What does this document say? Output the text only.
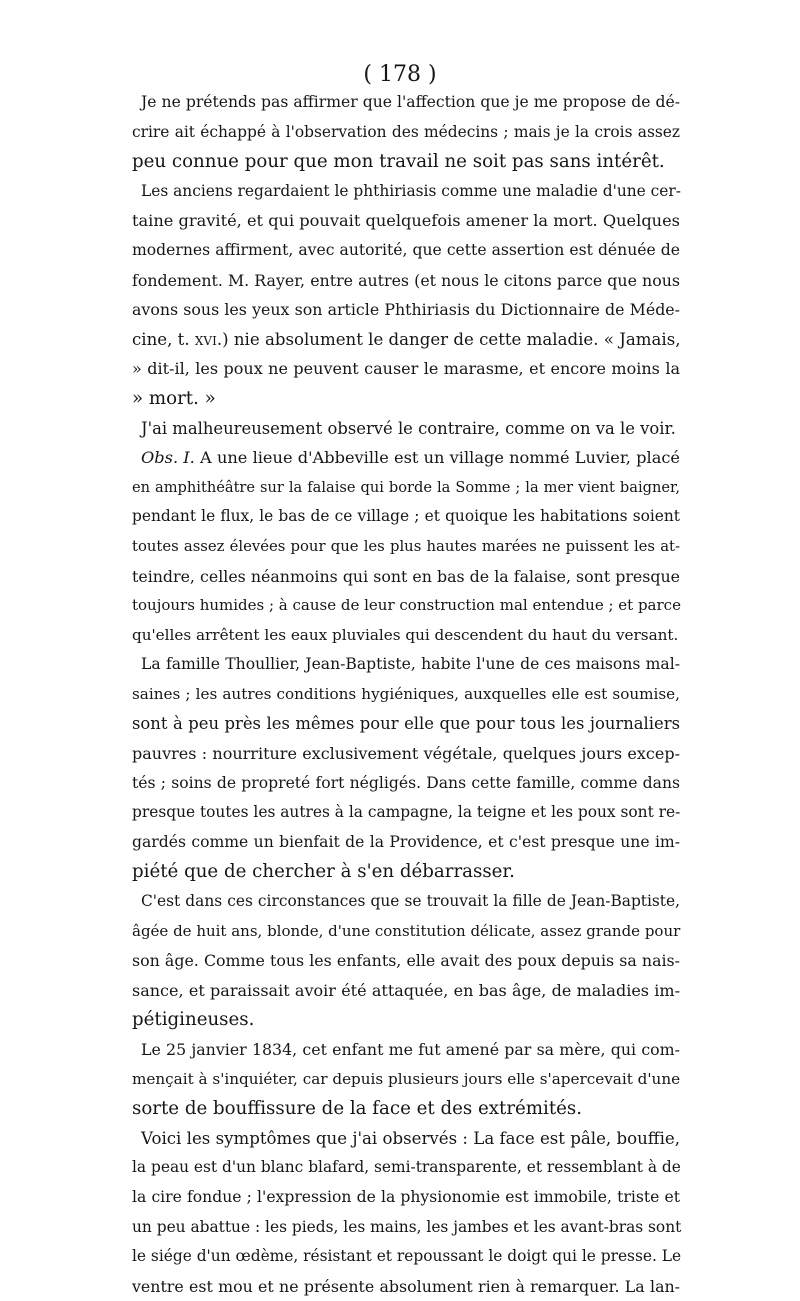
( 178 )
Je ne prétends pas affirmer que l'affection que je me propose de dé-
crire ait échappé à l'observation des médecins ; mais je la crois assez
peu connue pour que mon travail ne soit pas sans intérêt.
Les anciens regardaient le phthiriasis comme une maladie d'une cer-
taine gravité, et qui pouvait quelquefois amener la mort. Quelques
modernes affirment, avec autorité, que cette assertion est dénuée de
fondement. M. Rayer, entre autres (et nous le citons parce que nous
avons sous les yeux son article Phthiriasis du Dictionnaire de Méde-
cine, t. xvi.) nie absolument le danger de cette maladie. « Jamais,
» dit-il, les poux ne peuvent causer le marasme, et encore moins la
» mort. »
J'ai malheureusement observé le contraire, comme on va le voir.
Obs. I. A une lieue d'Abbeville est un village nommé Luvier, placé
en amphithéâtre sur la falaise qui borde la Somme ; la mer vient baigner,
pendant le flux, le bas de ce village ; et quoique les habitations soient
toutes assez élevées pour que les plus hautes marées ne puissent les at-
teindre, celles néanmoins qui sont en bas de la falaise, sont presque
toujours humides ; à cause de leur construction mal entendue ; et parce
qu'elles arrêtent les eaux pluviales qui descendent du haut du versant.
La famille Thoullier, Jean-Baptiste, habite l'une de ces maisons mal-
saines ; les autres conditions hygiéniques, auxquelles elle est soumise,
sont à peu près les mêmes pour elle que pour tous les journaliers
pauvres : nourriture exclusivement végétale, quelques jours excep-
tés ; soins de propreté fort négligés. Dans cette famille, comme dans
presque toutes les autres à la campagne, la teigne et les poux sont re-
gardés comme un bienfait de la Providence, et c'est presque une im-
piété que de chercher à s'en débarrasser.
C'est dans ces circonstances que se trouvait la fille de Jean-Baptiste,
âgée de huit ans, blonde, d'une constitution délicate, assez grande pour
son âge. Comme tous les enfants, elle avait des poux depuis sa nais-
sance, et paraissait avoir été attaquée, en bas âge, de maladies im-
pétigineuses.
Le 25 janvier 1834, cet enfant me fut amené par sa mère, qui com-
mençait à s'inquiéter, car depuis plusieurs jours elle s'apercevait d'une
sorte de bouffissure de la face et des extrémités.
Voici les symptômes que j'ai observés : La face est pâle, bouffie,
la peau est d'un blanc blafard, semi-transparente, et ressemblant à de
la cire fondue ; l'expression de la physionomie est immobile, triste et
un peu abattue : les pieds, les mains, les jambes et les avant-bras sont
le siége d'un œdème, résistant et repoussant le doigt qui le presse. Le
ventre est mou et ne présente absolument rien à remarquer. La lan-
